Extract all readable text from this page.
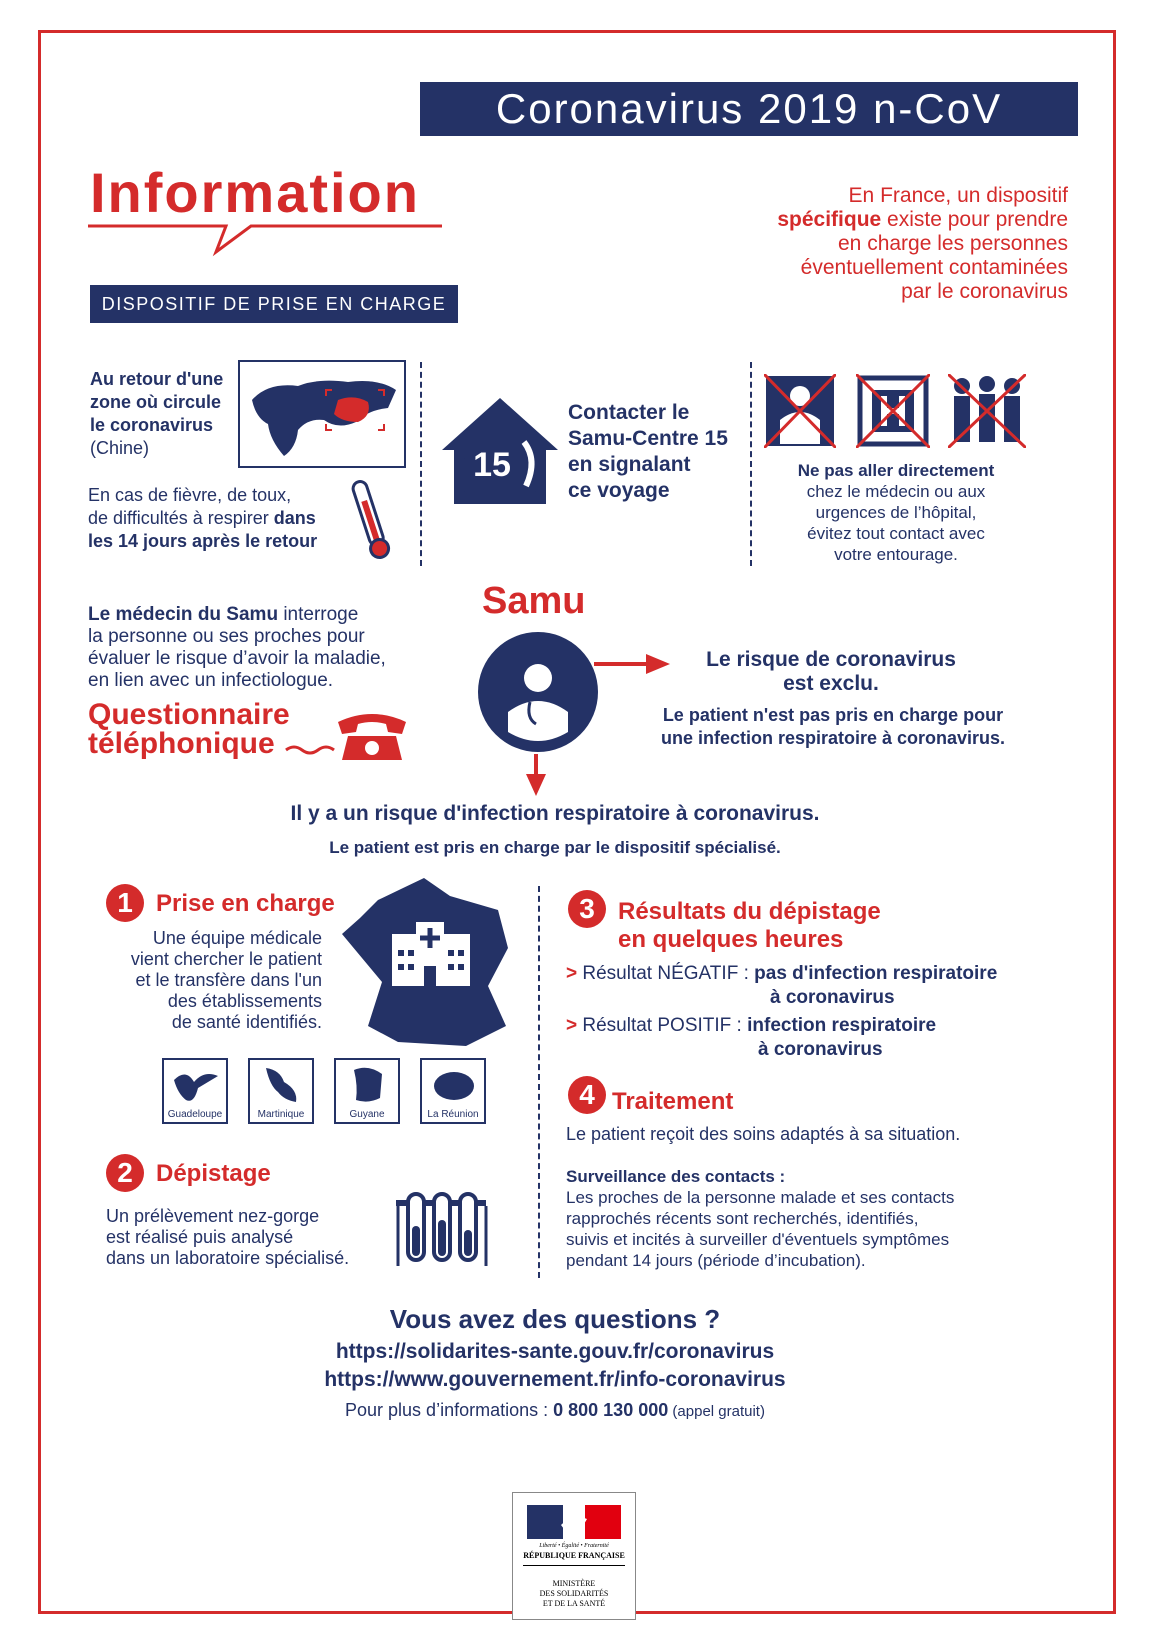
Coronavirus 2019 n-CoV
Information
DISPOSITIF DE PRISE EN CHARGE
En France, un dispositif
spécifique existe pour prendre
en charge les personnes
éventuellement contaminées
par le coronavirus
Au retour d'une
zone où circule
le coronavirus
(Chine)
En cas de fièvre, de toux,
de difficultés à respirer dans
les 14 jours après le retour
15
Contacter le
Samu-Centre 15
en signalant
ce voyage
Ne pas aller directement
chez le médecin ou aux
urgences de l’hôpital,
évitez tout contact avec
votre entourage.
Le médecin du Samu interroge
la personne ou ses proches pour
évaluer le risque d’avoir la maladie,
en lien avec un infectiologue.
Questionnaire
téléphonique
Samu
Le risque de coronavirus
est exclu.
Le patient n'est pas pris en charge pour
une infection respiratoire à coronavirus.
Il y a un risque d'infection respiratoire à coronavirus.
Le patient est pris en charge par le dispositif spécialisé.
1 Prise en charge
Une équipe médicale
vient chercher le patient
et le transfère dans l'un
des établissements
de santé identifiés.
Guadeloupe	Martinique	Guyane	La Réunion
2 Dépistage
Un prélèvement nez-gorge
est réalisé puis analysé
dans un laboratoire spécialisé.
3 Résultats du dépistage
en quelques heures
> Résultat NÉGATIF : pas d'infection respiratoire
à coronavirus
> Résultat POSITIF : infection respiratoire
à coronavirus
4 Traitement
Le patient reçoit des soins adaptés à sa situation.
Surveillance des contacts :
Les proches de la personne malade et ses contacts
rapprochés récents sont recherchés, identifiés,
suivis et incités à surveiller d'éventuels symptômes
pendant 14 jours (période d’incubation).
Vous avez des questions ?
https://solidarites-sante.gouv.fr/coronavirus
https://www.gouvernement.fr/info-coronavirus
Pour plus d’informations : 0 800 130 000 (appel gratuit)
Liberté • Égalité • Fraternité
RÉPUBLIQUE FRANÇAISE
MINISTÈRE
DES SOLIDARITÉS
ET DE LA SANTÉ
